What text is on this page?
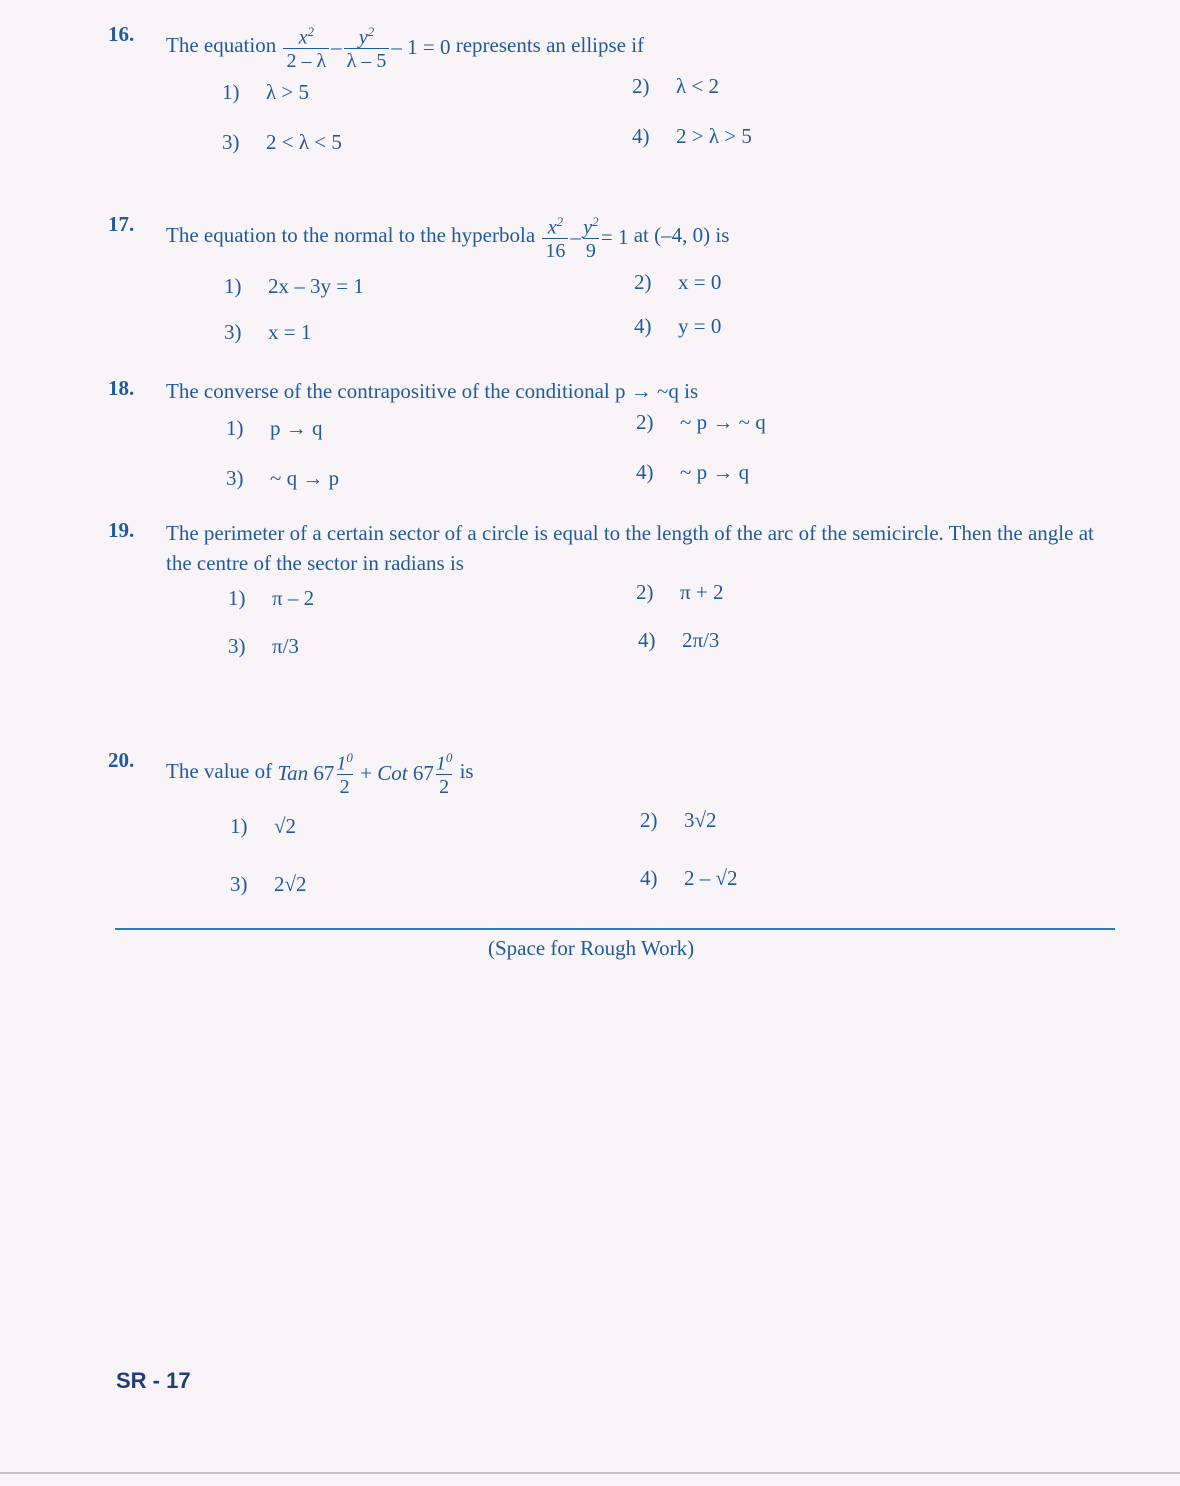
16. The equation $\frac{x^2}{2 - \lambda} - \frac{y^2}{\lambda - 5} - 1 = 0$ represents an ellipse if
1) λ > 5	2) λ < 2
3) 2 < λ < 5	4) 2 > λ > 5
17. The equation to the normal to the hyperbola $\frac{x^2}{16} - \frac{y^2}{9} = 1$ at (–4, 0) is
1) 2x – 3y = 1	2) x = 0
3) x = 1	4) y = 0
18. The converse of the contrapositive of the conditional p → ~q is
1) p → q	2) ~ p → ~ q
3) ~ q → p	4) ~ p → q
19. The perimeter of a certain sector of a circle is equal to the length of the arc of the semicircle. Then the angle at the centre of the sector in radians is
1) π – 2	2) π + 2
3) π/3	4) 2π/3
20. The value of Tan $67 \frac{1^0}{2}$ + Cot $67 \frac{1^0}{2}$ is
1) √2	2) 3√2
3) 2√2	4) 2 – √2
(Space for Rough Work)
SR - 17
